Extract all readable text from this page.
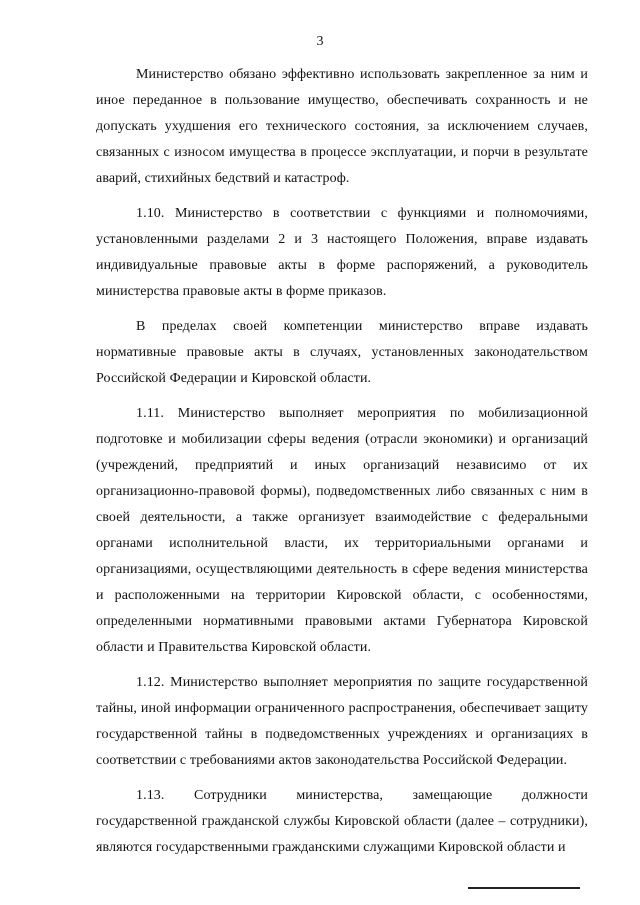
3

Министерство обязано эффективно использовать закрепленное за ним и иное переданное в пользование имущество, обеспечивать сохранность и не допускать ухудшения его технического состояния, за исключением случаев, связанных с износом имущества в процессе эксплуатации, и порчи в результате аварий, стихийных бедствий и катастроф.

1.10. Министерство в соответствии с функциями и полномочиями, установленными разделами 2 и 3 настоящего Положения, вправе издавать индивидуальные правовые акты в форме распоряжений, а руководитель министерства правовые акты в форме приказов.

В пределах своей компетенции министерство вправе издавать нормативные правовые акты в случаях, установленных законодательством Российской Федерации и Кировской области.

1.11. Министерство выполняет мероприятия по мобилизационной подготовке и мобилизации сферы ведения (отрасли экономики) и организаций (учреждений, предприятий и иных организаций независимо от их организационно-правовой формы), подведомственных либо связанных с ним в своей деятельности, а также организует взаимодействие с федеральными органами исполнительной власти, их территориальными органами и организациями, осуществляющими деятельность в сфере ведения министерства и расположенными на территории Кировской области, с особенностями, определенными нормативными правовыми актами Губернатора Кировской области и Правительства Кировской области.

1.12. Министерство выполняет мероприятия по защите государственной тайны, иной информации ограниченного распространения, обеспечивает защиту государственной тайны в подведомственных учреждениях и организациях в соответствии с требованиями актов законодательства Российской Федерации.

1.13. Сотрудники министерства, замещающие должности государственной гражданской службы Кировской области (далее – сотрудники), являются государственными гражданскими служащими Кировской области и
